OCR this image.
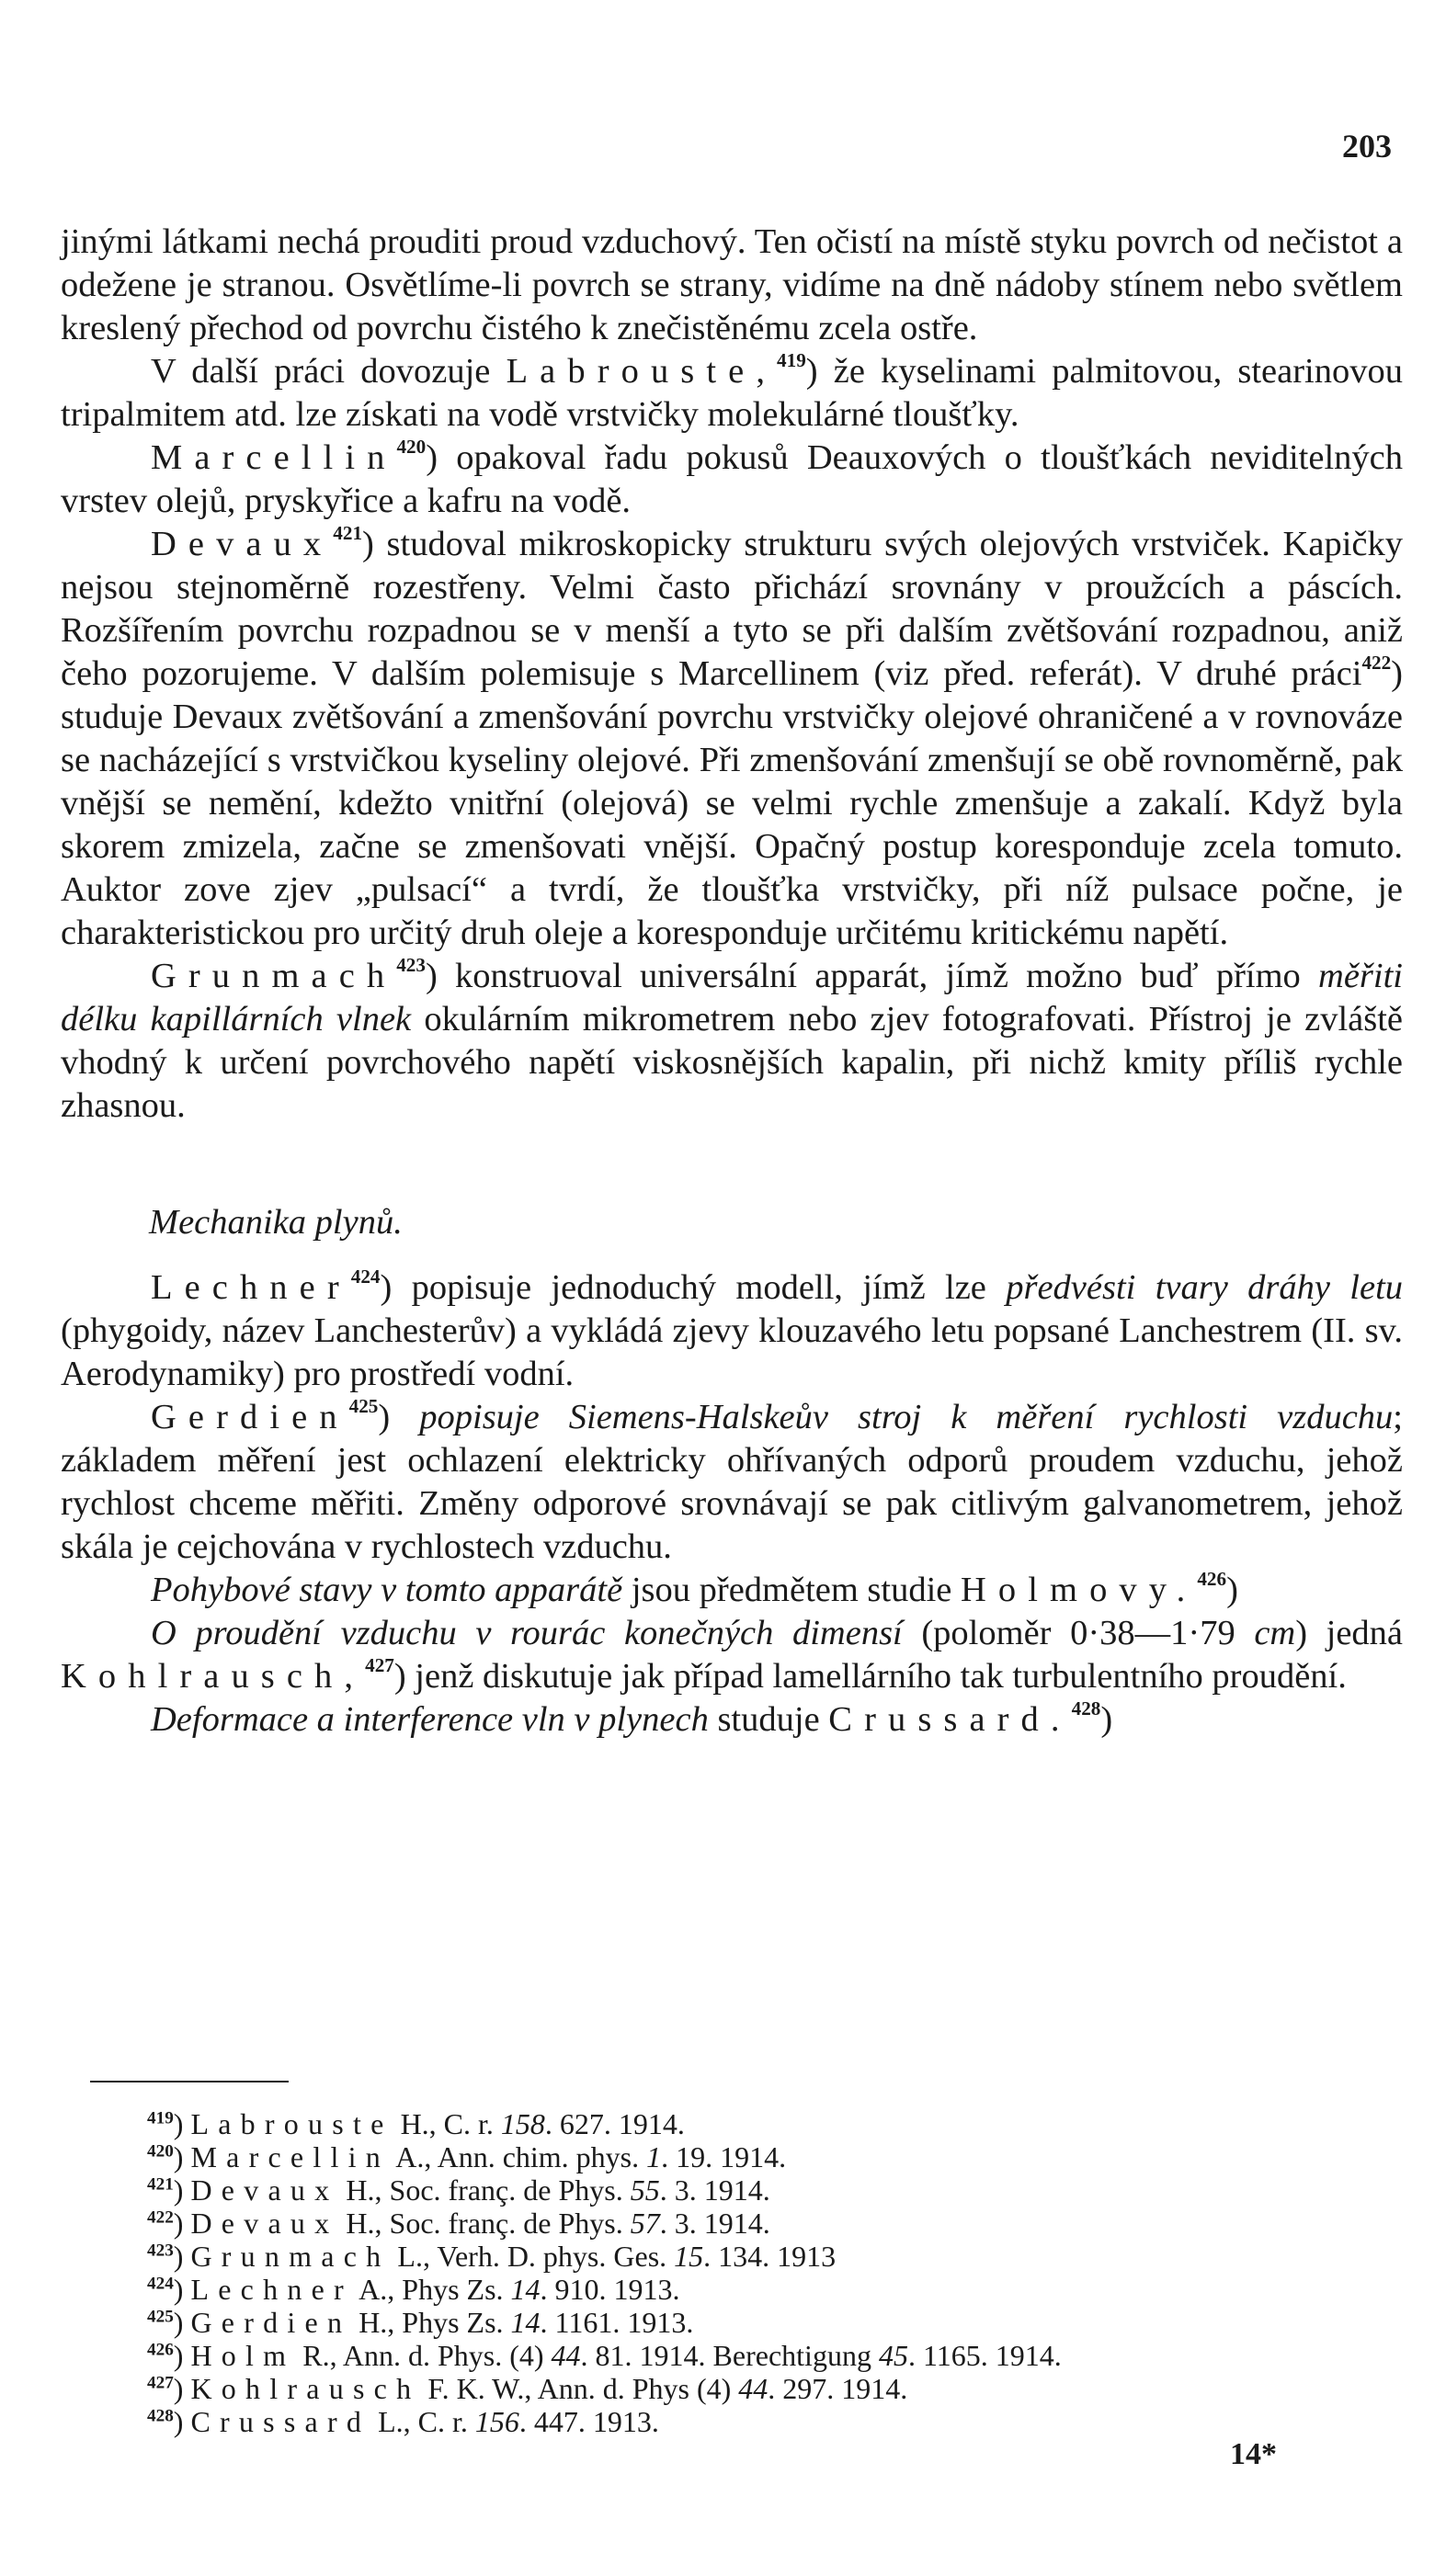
203

jinými látkami nechá prouditi proud vzduchový. Ten očistí na místě styku povrch od nečistot a odežene je stranou. Osvětlíme-li povrch se strany, vidíme na dně nádoby stínem nebo světlem kreslený přechod od povrchu čistého k znečistěnému zcela ostře.

V další práci dovozuje Labrouste,$^{419}$) že kyselinami palmitovou, stearinovou tripalmitem atd. lze získati na vodě vrstvičky molekulárné tloušťky.

Marcellin$^{420}$) opakoval řadu pokusů Deauxových o tloušťkách neviditelných vrstev olejů, pryskyřice a kafru na vodě.

Devaux$^{421}$) studoval mikroskopicky strukturu svých olejových vrstviček. Kapičky nejsou stejnoměrně rozestřeny. Velmi často přichází srovnány v proužcích a páscích. Rozšířením povrchu rozpadnou se v menší a tyto se při dalším zvětšování rozpadnou, aniž čeho pozorujeme. V dalším polemisuje s Marcellinem (viz před. referát). V druhé práci$^{422}$) studuje Devaux zvětšování a zmenšování povrchu vrstvičky olejové ohraničené a v rovnováze se nacházející s vrstvičkou kyseliny olejové. Při zmenšování zmenšují se obě rovnoměrně, pak vnější se nemění, kdežto vnitřní (olejová) se velmi rychle zmenšuje a zakalí. Když byla skorem zmizela, začne se zmenšovati vnější. Opačný postup koresponduje zcela tomuto. Auktor zove zjev „pulsací“ a tvrdí, že tloušťka vrstvičky, při níž pulsace počne, je charakteristickou pro určitý druh oleje a koresponduje určitému kritickému napětí.

Grunmach$^{423}$) konstruoval universální apparát, jímž možno buď přímo měřiti délku kapillárních vlnek okulárním mikrometrem nebo zjev fotografovati. Přístroj je zvláště vhodný k určení povrchového napětí viskosnějších kapalin, při nichž kmity příliš rychle zhasnou.

Mechanika plynů.

Lechner$^{424}$) popisuje jednoduchý modell, jímž lze předvésti tvary dráhy letu (phygoidy, název Lanchesterův) a vykládá zjevy klouzavého letu popsané Lanchestrem (II. sv. Aerodynamiky) pro prostředí vodní.

Gerdien$^{425}$) popisuje Siemens-Halskeův stroj k měření rychlosti vzduchu; základem měření jest ochlazení elektricky ohřívaných odporů proudem vzduchu, jehož rychlost chceme měřiti. Změny odporové srovnávají se pak citlivým galvanometrem, jehož skála je cejchována v rychlostech vzduchu.

Pohybové stavy v tomto apparátě jsou předmětem studie Holmovy.$^{426}$)

O proudění vzduchu v rourác konečných dimensí (poloměr 0·38—1·79 cm) jedná Kohlrausch,$^{427}$) jenž diskutuje jak případ lamellárního tak turbulentního proudění.

Deformace a interference vln v plynech studuje Crussard.$^{428}$)

$^{419}$) Labrouste H., C. r. 158. 627. 1914.
$^{420}$) Marcellin A., Ann. chim. phys. 1. 19. 1914.
$^{421}$) Devaux H., Soc. franç. de Phys. 55. 3. 1914.
$^{422}$) Devaux H., Soc. franç. de Phys. 57. 3. 1914.
$^{423}$) Grunmach L., Verh. D. phys. Ges. 15. 134. 1913
$^{424}$) Lechner A., Phys Zs. 14. 910. 1913.
$^{425}$) Gerdien H., Phys Zs. 14. 1161. 1913.
$^{426}$) Holm R., Ann. d. Phys. (4) 44. 81. 1914. Berechtigung 45. 1165. 1914.
$^{427}$) Kohlrausch F. K. W., Ann. d. Phys (4) 44. 297. 1914.
$^{428}$) Crussard L., C. r. 156. 447. 1913.
14*
